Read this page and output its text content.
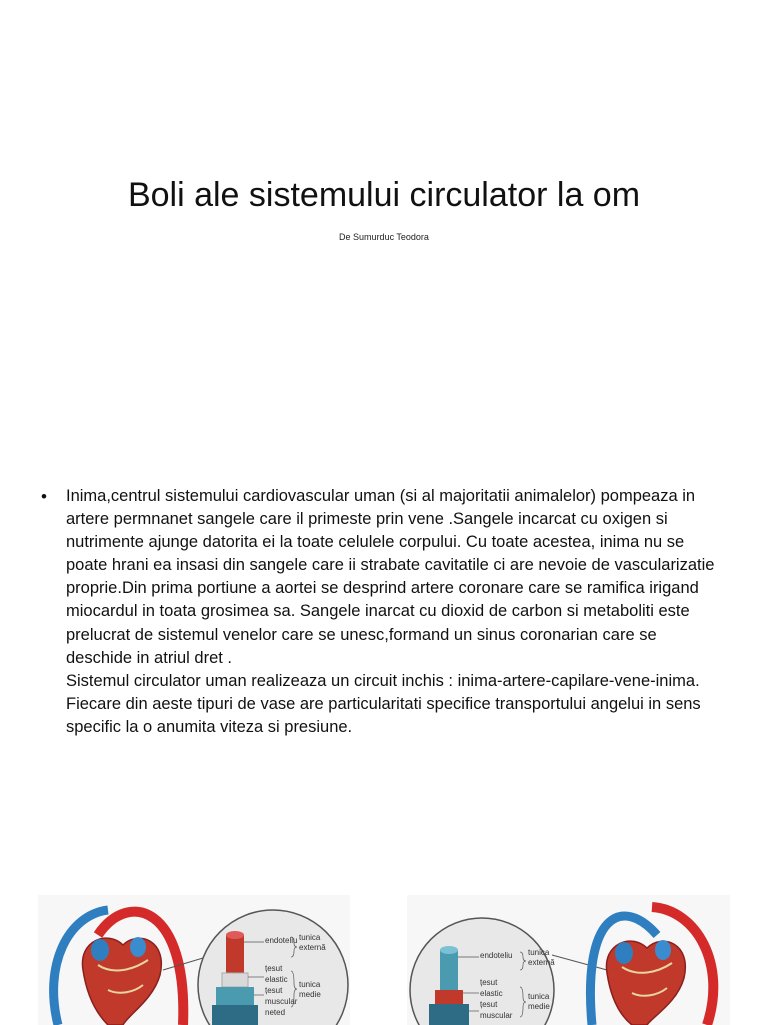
Boli ale sistemului circulator la om
De Sumurduc Teodora
• Inima,centrul sistemului cardiovascular uman (si al majoritatii animalelor) pompeaza in artere permnanet sangele care il primeste prin vene .Sangele incarcat cu oxigen si nutrimente ajunge datorita ei la toate celulele corpului. Cu toate acestea, inima nu se poate hrani ea insasi din sangele care ii strabate cavitatile ci are nevoie de vascularizatie proprie.Din prima portiune a aortei se desprind artere coronare care se ramifica irigand miocardul in toata grosimea sa. Sangele inarcat cu dioxid de carbon si metaboliti este prelucrat de sistemul venelor care se unesc,formand un sinus coronarian care se deschide in atriul dret .

Sistemul circulator uman realizeaza un circuit inchis : inima-artere-capilare-vene-inima.

Fiecare din aeste tipuri de vase are particularitati specifice transportului angelui in sens specific la o anumita viteza si presiune.

endoteliu tunica
externă
țesut
elastic
țesut
muscular
neted
tunica
medie
endoteliu tunica
externă
țesut
elastic
țesut
muscular
tunica
medie
